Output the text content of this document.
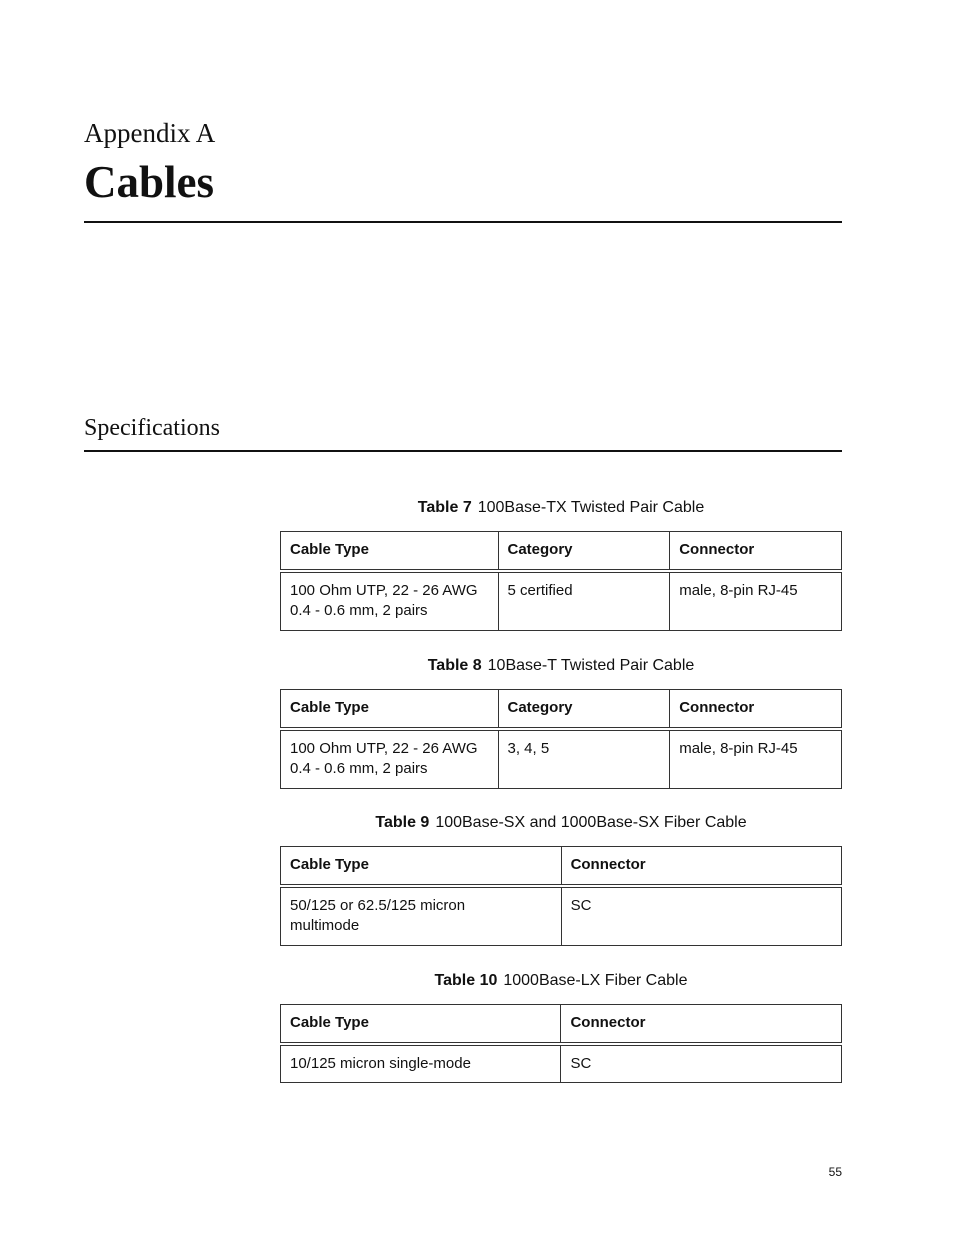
Appendix A
Cables
Specifications

Table 7 100Base-TX Twisted Pair Cable

Cable Type	Category	Connector
100 Ohm UTP, 22 - 26 AWG
0.4 - 0.6 mm, 2 pairs	5 certified	male, 8-pin RJ-45

Table 8 10Base-T Twisted Pair Cable

Cable Type	Category	Connector
100 Ohm UTP, 22 - 26 AWG
0.4 - 0.6 mm, 2 pairs	3, 4, 5	male, 8-pin RJ-45

Table 9 100Base-SX and 1000Base-SX Fiber Cable

Cable Type	Connector
50/125 or 62.5/125 micron multimode	SC

Table 10 1000Base-LX Fiber Cable

Cable Type	Connector
10/125 micron single-mode	SC
55
